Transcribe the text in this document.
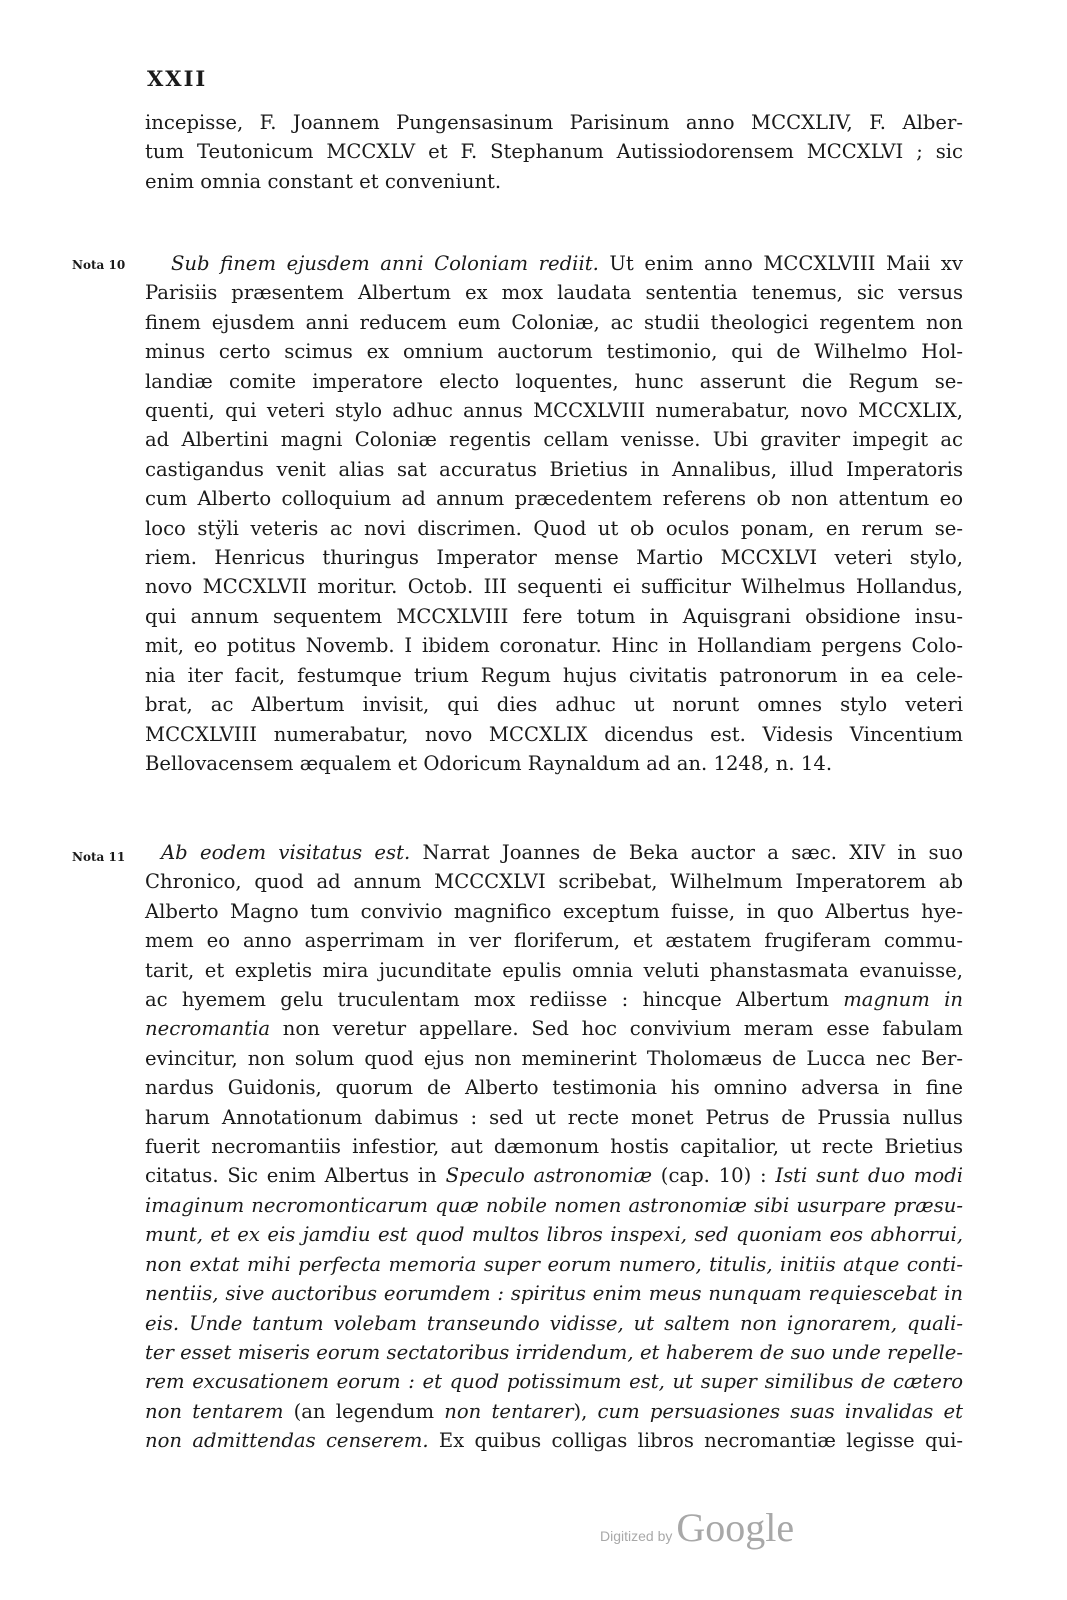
XXII
incepisse, F. Joannem Pungensasinum Parisinum anno MCCXLIV, F. Alber-
tum Teutonicum MCCXLV et F. Stephanum Autissiodorensem MCCXLVI ; sic
enim omnia constant et conveniunt.
Nota 10	Sub finem ejusdem anni Coloniam rediit. Ut enim anno MCCXLVIII Maii xv
Parisiis præsentem Albertum ex mox laudata sententia tenemus, sic versus
finem ejusdem anni reducem eum Coloniæ, ac studii theologici regentem non
minus certo scimus ex omnium auctorum testimonio, qui de Wilhelmo Hol-
landiæ comite imperatore electo loquentes, hunc asserunt die Regum se-
quenti, qui veteri stylo adhuc annus MCCXLVIII numerabatur, novo MCCXLIX,
ad Albertini magni Coloniæ regentis cellam venisse. Ubi graviter impegit ac
castigandus venit alias sat accuratus Brietius in Annalibus, illud Imperatoris
cum Alberto colloquium ad annum præcedentem referens ob non attentum eo
loco stÿli veteris ac novi discrimen. Quod ut ob oculos ponam, en rerum se-
riem. Henricus thuringus Imperator mense Martio MCCXLVI veteri stylo,
novo MCCXLVII moritur. Octob. III sequenti ei sufficitur Wilhelmus Hollandus,
qui annum sequentem MCCXLVIII fere totum in Aquisgrani obsidione insu-
mit, eo potitus Novemb. I ibidem coronatur. Hinc in Hollandiam pergens Colo-
nia iter facit, festumque trium Regum hujus civitatis patronorum in ea cele-
brat, ac Albertum invisit, qui dies adhuc ut norunt omnes stylo veteri
MCCXLVIII numerabatur, novo MCCXLIX dicendus est. Videsis Vincentium
Bellovacensem æqualem et Odoricum Raynaldum ad an. 1248, n. 14.
Nota 11	Ab eodem visitatus est. Narrat Joannes de Beka auctor a sæc. XIV in suo
Chronico, quod ad annum MCCCXLVI scribebat, Wilhelmum Imperatorem ab
Alberto Magno tum convivio magnifico exceptum fuisse, in quo Albertus hye-
mem eo anno asperrimam in ver floriferum, et æstatem frugiferam commu-
tarit, et expletis mira jucunditate epulis omnia veluti phanstasmata evanuisse,
ac hyemem gelu truculentam mox rediisse : hincque Albertum magnum in
necromantia non veretur appellare. Sed hoc convivium meram esse fabulam
evincitur, non solum quod ejus non meminerint Tholomæus de Lucca nec Ber-
nardus Guidonis, quorum de Alberto testimonia his omnino adversa in fine
harum Annotationum dabimus : sed ut recte monet Petrus de Prussia nullus
fuerit necromantiis infestior, aut dæmonum hostis capitalior, ut recte Brietius
citatus. Sic enim Albertus in Speculo astronomiæ (cap. 10) : Isti sunt duo modi
imaginum necromonticarum quæ nobile nomen astronomiæ sibi usurpare præsu-
munt, et ex eis jamdiu est quod multos libros inspexi, sed quoniam eos abhorrui,
non extat mihi perfecta memoria super eorum numero, titulis, initiis atque conti-
nentiis, sive auctoribus eorumdem : spiritus enim meus nunquam requiescebat in
eis. Unde tantum volebam transeundo vidisse, ut saltem non ignorarem, quali-
ter esset miseris eorum sectatoribus irridendum, et haberem de suo unde repelle-
rem excusationem eorum : et quod potissimum est, ut super similibus de cætero
non tentarem (an legendum non tentarer), cum persuasiones suas invalidas et
non admittendas censerem. Ex quibus colligas libros necromantiæ legisse qui-
Digitized by Google
